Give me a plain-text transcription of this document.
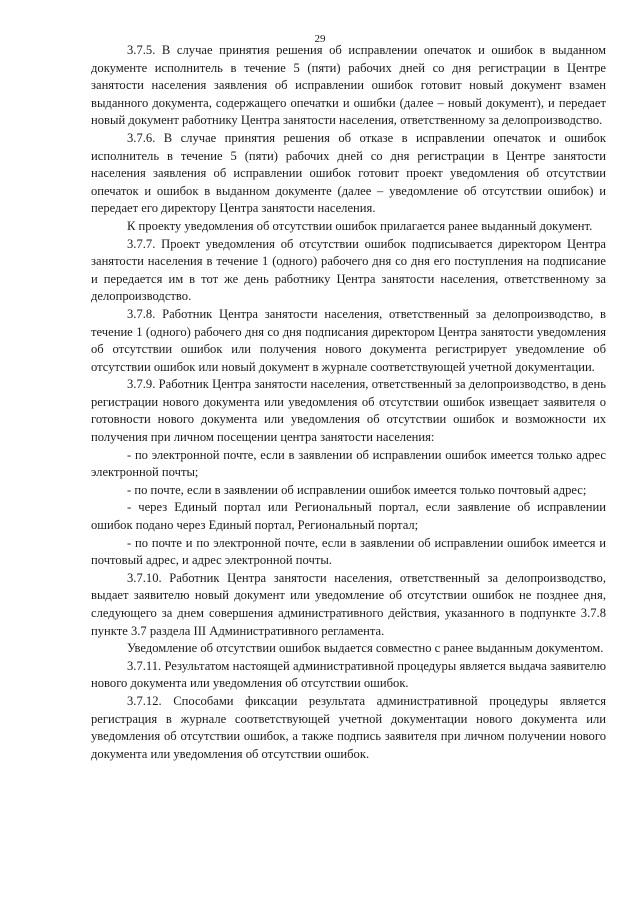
29

3.7.5. В случае принятия решения об исправлении опечаток и ошибок в выданном документе исполнитель в течение 5 (пяти) рабочих дней со дня регистрации в Центре занятости населения заявления об исправлении ошибок готовит новый документ взамен выданного документа, содержащего опечатки и ошибки (далее – новый документ), и передает новый документ работнику Центра занятости населения, ответственному за делопроизводство.

3.7.6. В случае принятия решения об отказе в исправлении опечаток и ошибок исполнитель в течение 5 (пяти) рабочих дней со дня регистрации в Центре занятости населения заявления об исправлении ошибок готовит проект уведомления об отсутствии опечаток и ошибок в выданном документе (далее – уведомление об отсутствии ошибок) и передает его директору Центра занятости населения.

К проекту уведомления об отсутствии ошибок прилагается ранее выданный документ.

3.7.7. Проект уведомления об отсутствии ошибок подписывается директором Центра занятости населения в течение 1 (одного) рабочего дня со дня его поступления на подписание и передается им в тот же день работнику Центра занятости населения, ответственному за делопроизводство.

3.7.8. Работник Центра занятости населения, ответственный за делопроизводство, в течение 1 (одного) рабочего дня со дня подписания директором Центра занятости уведомления об отсутствии ошибок или получения нового документа регистрирует уведомление об отсутствии ошибок или новый документ в журнале соответствующей учетной документации.

3.7.9. Работник Центра занятости населения, ответственный за делопроизводство, в день регистрации нового документа или уведомления об отсутствии ошибок извещает заявителя о готовности нового документа или уведомления об отсутствии ошибок и возможности их получения при личном посещении центра занятости населения:

- по электронной почте, если в заявлении об исправлении ошибок имеется только адрес электронной почты;

- по почте, если в заявлении об исправлении ошибок имеется только почтовый адрес;

- через Единый портал или Региональный портал, если заявление об исправлении ошибок подано через Единый портал, Региональный портал;

- по почте и по электронной почте, если в заявлении об исправлении ошибок имеется и почтовый адрес, и адрес электронной почты.

3.7.10. Работник Центра занятости населения, ответственный за делопроизводство, выдает заявителю новый документ или уведомление об отсутствии ошибок не позднее дня, следующего за днем совершения административного действия, указанного в подпункте 3.7.8 пункте 3.7 раздела III Административного регламента.

Уведомление об отсутствии ошибок выдается совместно с ранее выданным документом.

3.7.11. Результатом настоящей административной процедуры является выдача заявителю нового документа или уведомления об отсутствии ошибок.

3.7.12. Способами фиксации результата административной процедуры является регистрация в журнале соответствующей учетной документации нового документа или уведомления об отсутствии ошибок, а также подпись заявителя при личном получении нового документа или уведомления об отсутствии ошибок.
